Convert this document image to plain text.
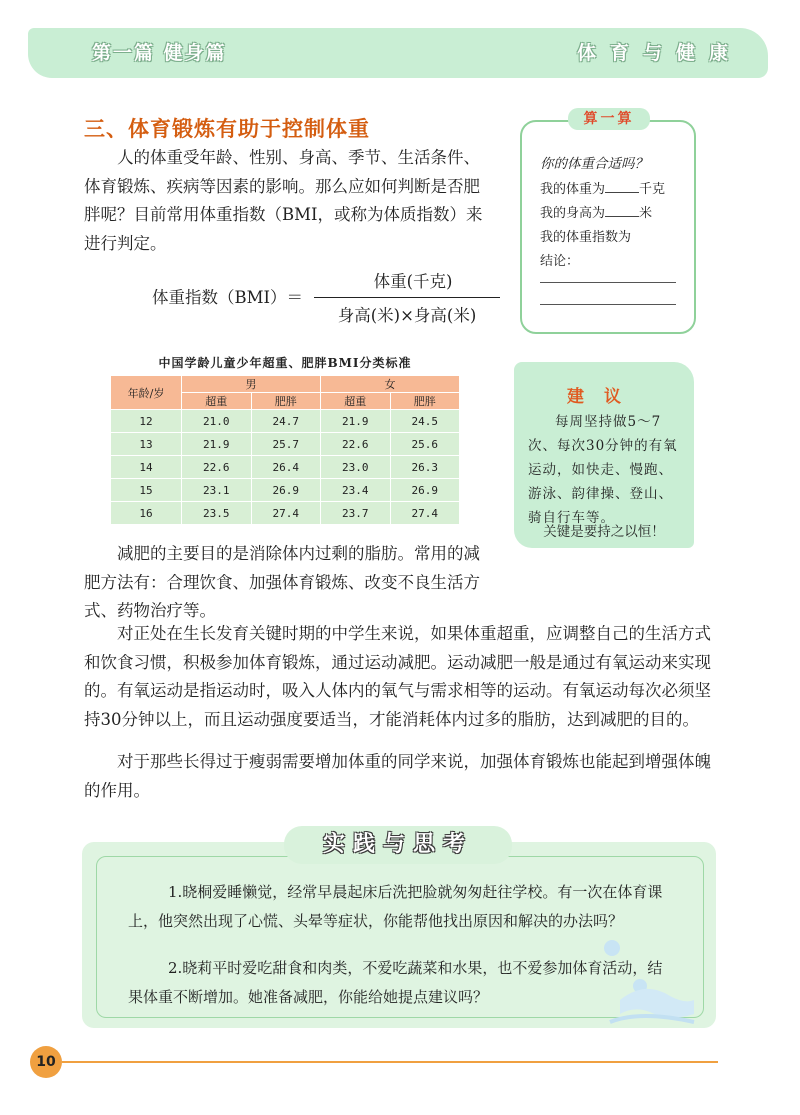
第一篇 健身篇	体育与健康
三、体育锻炼有助于控制体重

人的体重受年龄、性别、身高、季节、生活条件、体育锻炼、疾病等因素的影响。那么应如何判断是否肥胖呢？目前常用体重指数（BMI，或称为体质指数）来进行判定。

体重指数（BMI）＝
体重(千克)
身高(米)×身高(米)
中国学龄儿童少年超重、肥胖BMI分类标准
年龄/岁	男		女	
	超重	肥胖	超重	肥胖
12	21.0	24.7	21.9	24.5
13	21.9	25.7	22.6	25.6
14	22.6	26.4	23.0	26.3
15	23.1	26.9	23.4	26.9
16	23.5	27.4	23.7	27.4

减肥的主要目的是消除体内过剩的脂肪。常用的减肥方法有：合理饮食、加强体育锻炼、改变不良生活方式、药物治疗等。

对正处在生长发育关键时期的中学生来说，如果体重超重，应调整自己的生活方式和饮食习惯，积极参加体育锻炼，通过运动减肥。运动减肥一般是通过有氧运动来实现的。有氧运动是指运动时，吸入人体内的氧气与需求相等的运动。有氧运动每次必须坚持30分钟以上，而且运动强度要适当，才能消耗体内过多的脂肪，达到减肥的目的。

对于那些长得过于瘦弱需要增加体重的同学来说，加强体育锻炼也能起到增强体魄的作用。

算一算
你的体重合适吗？
我的体重为	千克
我的身高为	米
我的体重指数为
结论：
建议

每周坚持做5～7次、每次30分钟的有氧运动，如快走、慢跑、游泳、韵律操、登山、骑自行车等。

关键是要持之以恒！
实践与思考

1.晓桐爱睡懒觉，经常早晨起床后洗把脸就匆匆赶往学校。有一次在体育课上，他突然出现了心慌、头晕等症状，你能帮他找出原因和解决的办法吗？

2.晓莉平时爱吃甜食和肉类，不爱吃蔬菜和水果，也不爱参加体育活动，结果体重不断增加。她准备减肥，你能给她提点建议吗？

10
